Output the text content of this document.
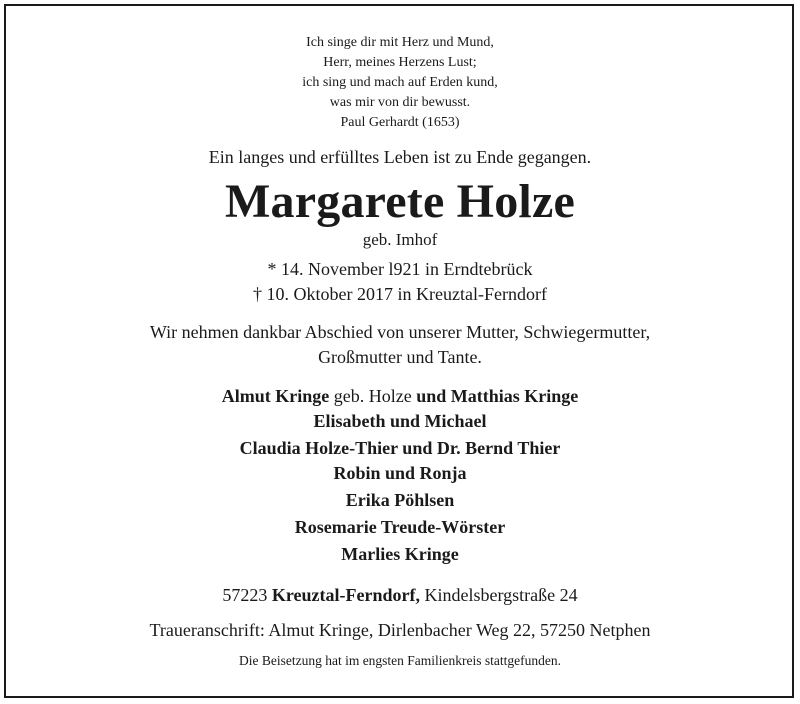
Ich singe dir mit Herz und Mund,
Herr, meines Herzens Lust;
ich sing und mach auf Erden kund,
was mir von dir bewusst.
Paul Gerhardt (1653)
Ein langes und erfülltes Leben ist zu Ende gegangen.
Margarete Holze
geb. Imhof
* 14. November l921 in Erndtebrück
† 10. Oktober 2017 in Kreuztal-Ferndorf
Wir nehmen dankbar Abschied von unserer Mutter, Schwiegermutter,
Großmutter und Tante.
Almut Kringe geb. Holze und Matthias Kringe
Elisabeth und Michael
Claudia Holze-Thier und Dr. Bernd Thier
Robin und Ronja
Erika Pöhlsen
Rosemarie Treude-Wörster
Marlies Kringe
57223 Kreuztal-Ferndorf, Kindelsbergstraße 24
Traueranschrift: Almut Kringe, Dirlenbacher Weg 22, 57250 Netphen
Die Beisetzung hat im engsten Familienkreis stattgefunden.
